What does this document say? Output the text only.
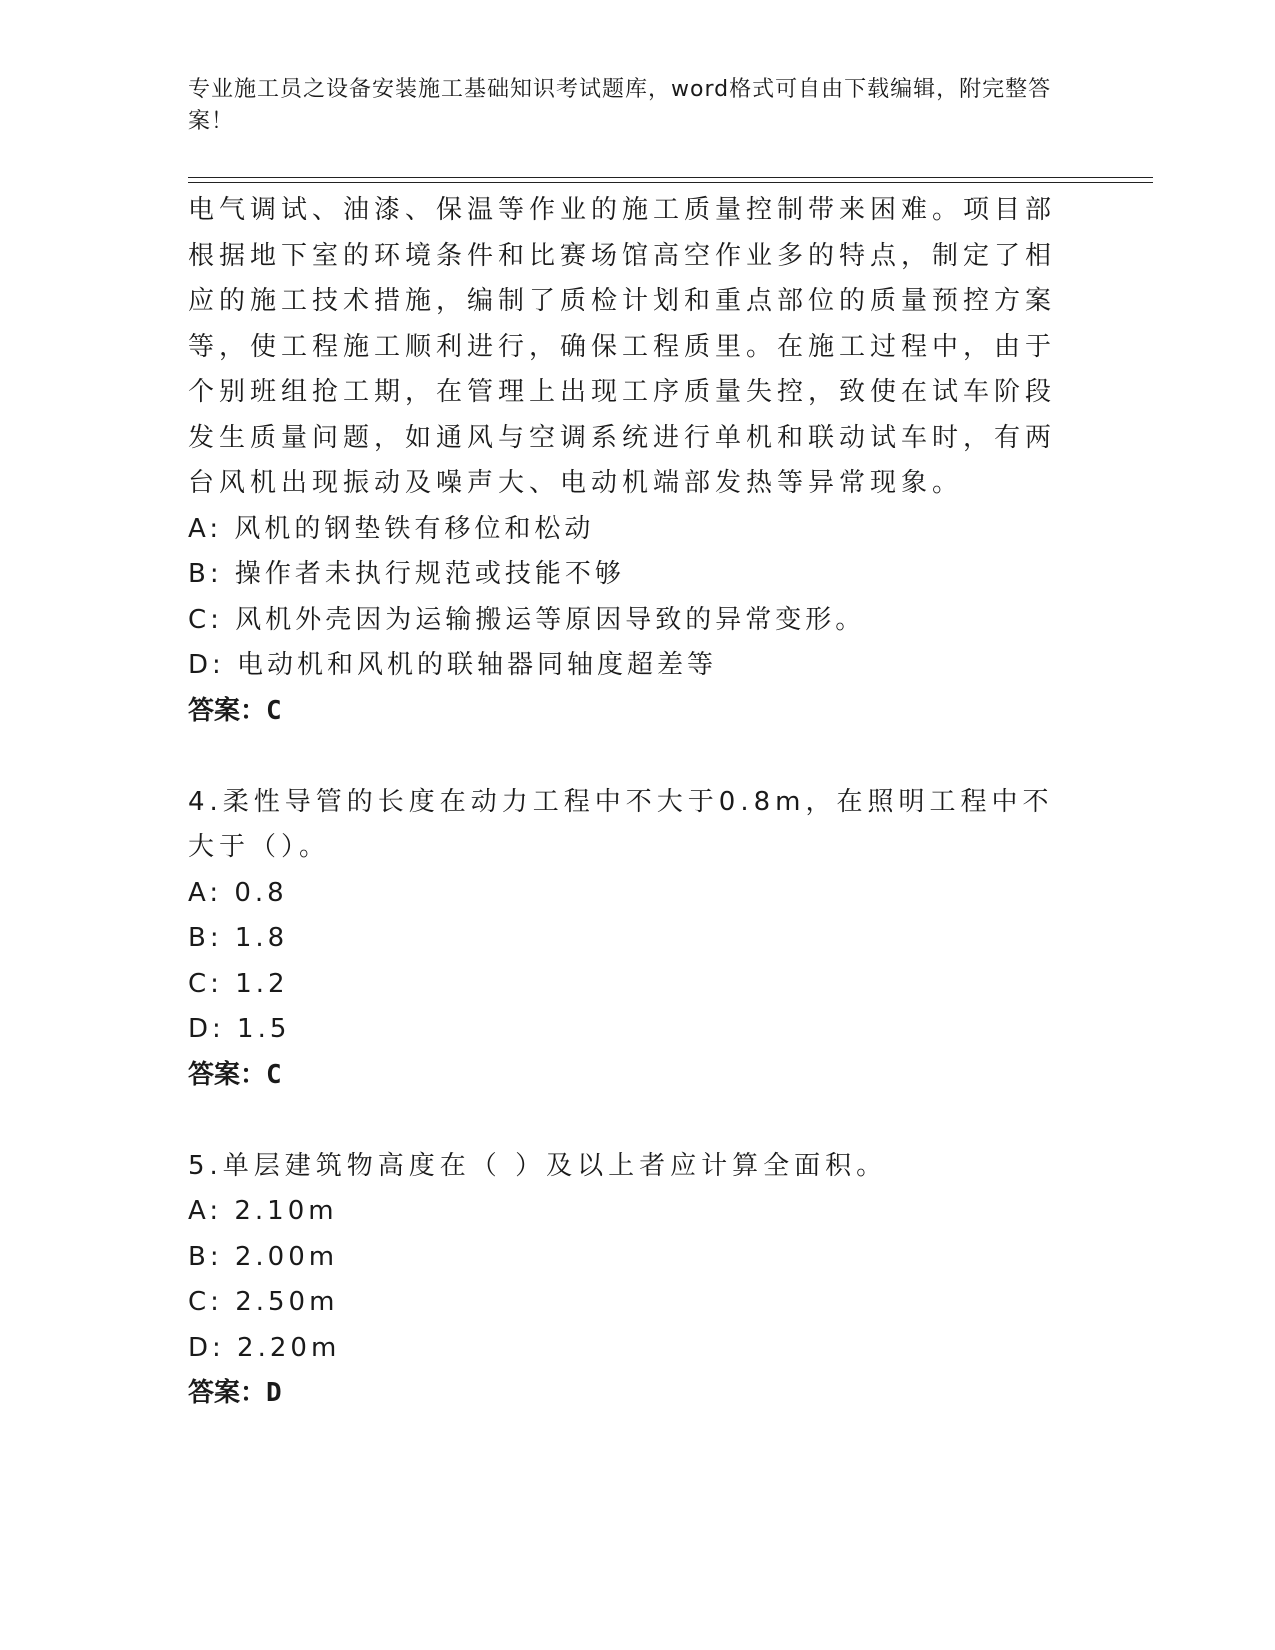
专业施工员之设备安装施工基础知识考试题库，word格式可自由下载编辑，附完整答案！

电气调试、油漆、保温等作业的施工质量控制带来困难。项目部根据地下室的环境条件和比赛场馆高空作业多的特点，制定了相应的施工技术措施，编制了质检计划和重点部位的质量预控方案等，使工程施工顺利进行，确保工程质里。在施工过程中，由于个别班组抢工期，在管理上出现工序质量失控，致使在试车阶段发生质量问题，如通风与空调系统进行单机和联动试车时，有两台风机出现振动及噪声大、电动机端部发热等异常现象。

A: 风机的钢垫铁有移位和松动
B: 操作者未执行规范或技能不够
C: 风机外壳因为运输搬运等原因导致的异常变形。
D: 电动机和风机的联轴器同轴度超差等
答案：C

4.柔性导管的长度在动力工程中不大于0.8m，在照明工程中不大于（）。

A: 0.8
B: 1.8
C: 1.2
D: 1.5
答案：C

5.单层建筑物高度在（ ）及以上者应计算全面积。

A: 2.10m
B: 2.00m
C: 2.50m
D: 2.20m
答案：D
